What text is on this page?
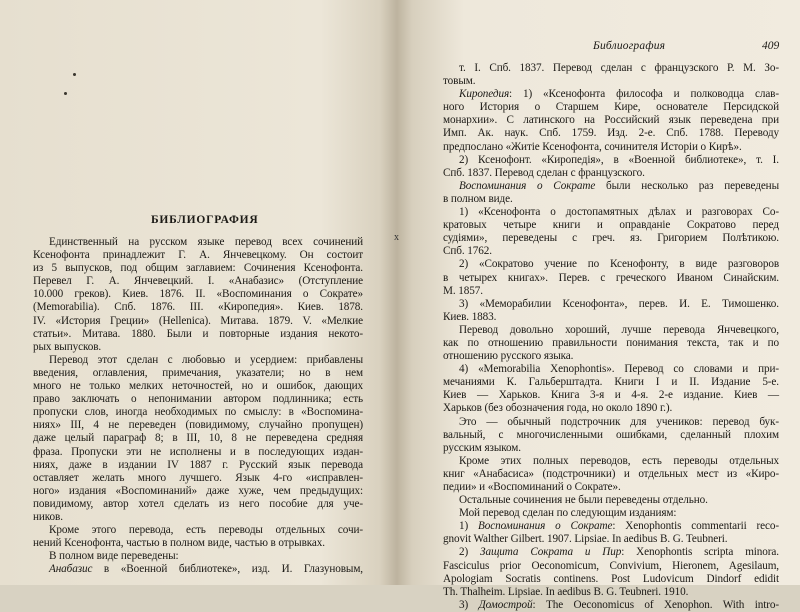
БИБЛИОГРАФИЯ
Единственный на русском языке перевод всех сочинений
Ксенофонта принадлежит Г. А. Янчевецкому. Он состоит
из 5 выпусков, под общим заглавием: Сочинения Ксенофонта.
Перевел Г. А. Янчевецкий. I. «Анабазис» (Отступление
10.000 греков). Киев. 1876. II. «Воспоминания о Сократе»
(Memorabilia). Спб. 1876. III. «Киропедия». Киев. 1878.
IV. «История Греции» (Hellenica). Митава. 1879. V. «Мелкие
статьи». Митава. 1880. Были и повторные издания некото-
рых выпусков.
Перевод этот сделан с любовью и усердием: прибавлены
введения, оглавления, примечания, указатели; но в нем
много не только мелких неточностей, но и ошибок, дающих
право заключать о непонимании автором подлинника; есть
пропуски слов, иногда необходимых по смыслу: в «Воспомина-
ниях» III, 4 не переведен (повидимому, случайно пропущен)
даже целый параграф 8; в III, 10, 8 не переведена средняя
фраза. Пропуски эти не исполнены и в последующих издан-
ниях, даже в издании IV 1887 г. Русский язык перевода
оставляет желать много лучшего. Язык 4-го «исправлен-
ного» издания «Воспоминаний» даже хуже, чем предыдущих:
повидимому, автор хотел сделать из него пособие для уче-
ников.
Кроме этого перевода, есть переводы отдельных сочи-
нений Ксенофонта, частью в полном виде, частью в отрывках.
В полном виде переведены:
Анабазис в «Военной библиотеке», изд. И. Глазуновым,
x
Библиография	409
т. I. Спб. 1837. Перевод сделан с французского Р. М. Зо-
товым.
Киропедия: 1) «Ксенофонта философа и полководца слав-
ного История о Старшем Кире, основателе Персидской
монархии». С латинского на Российский язык переведена при
Имп. Ак. наук. Спб. 1759. Изд. 2-е. Спб. 1788. Переводу
предпослано «Житiе Ксенофонта, сочинителя Исторiи о Кирѣ».
2) Ксенофонт. «Киропедія», в «Военной библиотеке», т. I.
Спб. 1837. Перевод сделан с французского.
Воспоминания о Сократе были несколько раз переведены
в полном виде.
1) «Ксенофонта о достопамятных дѣлах и разговорах Со-
кратовых четыре книги и оправданіе Сократово перед
судiями», переведены с греч. яз. Григорием Полѣтикою.
Спб. 1762.
2) «Сократово учение по Ксенофонту, в виде разговоров
в четырех книгах». Перев. с греческого Иваном Синайским.
М. 1857.
3) «Меморабилии Ксенофонта», перев. И. Е. Тимошенко.
Киев. 1883.
Перевод довольно хороший, лучше перевода Янчевецкого,
как по отношению правильности понимания текста, так и по
отношению русского языка.
4) «Memorabilia Xenophontis». Перевод со словами и при-
мечаниями К. Гальберштадта. Книги I и II. Издание 5-е.
Киев — Харьков. Книга 3-я и 4-я. 2-е издание. Киев —
Харьков (без обозначения года, но около 1890 г.).
Это — обычный подстрочник для учеников: перевод бук-
вальный, с многочисленными ошибками, сделанный плохим
русским языком.
Кроме этих полных переводов, есть переводы отдельных
книг «Анабасиса» (подстрочники) и отдельных мест из «Киро-
педии» и «Воспоминаний о Сократе».
Остальные сочинения не были переведены отдельно.
Мой перевод сделан по следующим изданиям:
1) Воспоминания о Сократе: Xenophontis commentarii reco-
gnovit Walther Gilbert. 1907. Lipsiae. In aedibus B. G. Teubneri.
2) Защита Сократа и Пир: Xenophontis scripta minora.
Fasciculus prior Oeconomicum, Convivium, Hieronem, Agesilaum,
Apologiam Socratis continens. Post Ludovicum Dindorf edidit
Th. Thalheim. Lipsiae. In aedibus B. G. Teubneri. 1910.
3) Домострой: The Oeconomicus of Xenophon. With intro-
